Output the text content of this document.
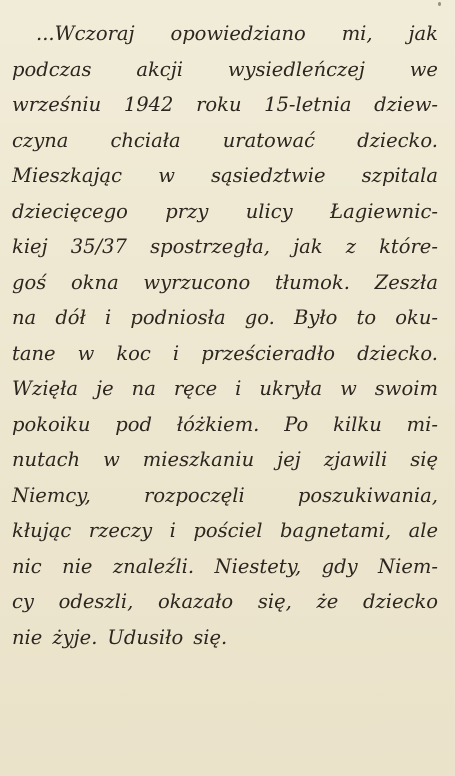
...Wczoraj opowiedziano mi, jak
podczas akcji wysiedleńczej we
wrześniu 1942 roku 15-letnia dziew-
czyna chciała uratować dziecko.
Mieszkając w sąsiedztwie szpitala
dziecięcego przy ulicy Łagiewnic-
kiej 35/37 spostrzegła, jak z które-
goś okna wyrzucono tłumok. Zeszła
na dół i podniosła go. Było to oku-
tane w koc i prześcieradło dziecko.
Wzięła je na ręce i ukryła w swoim
pokoiku pod łóżkiem. Po kilku mi-
nutach w mieszkaniu jej zjawili się
Niemcy,	rozpoczęli	poszukiwania,
kłując rzeczy i pościel bagnetami, ale
nic nie znaleźli. Niestety, gdy Niem-
cy odeszli, okazało się, że dziecko
nie żyje. Udusiło się.
